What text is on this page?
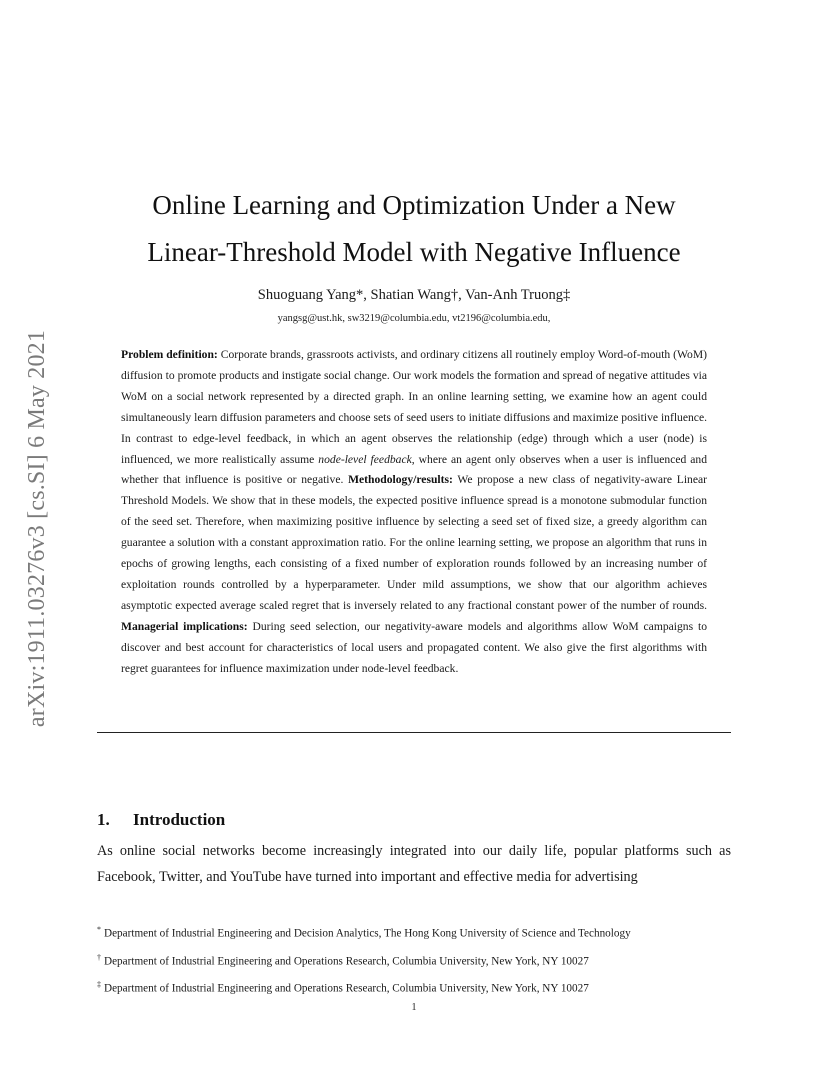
arXiv:1911.03276v3 [cs.SI] 6 May 2021
Online Learning and Optimization Under a New
Linear-Threshold Model with Negative Influence
Shuoguang Yang*, Shatian Wang†, Van-Anh Truong‡
yangsg@ust.hk, sw3219@columbia.edu, vt2196@columbia.edu,
Problem definition: Corporate brands, grassroots activists, and ordinary citizens all routinely employ Word-of-mouth (WoM) diffusion to promote products and instigate social change. Our work models the formation and spread of negative attitudes via WoM on a social network represented by a directed graph. In an online learning setting, we examine how an agent could simultaneously learn diffusion parameters and choose sets of seed users to initiate diffusions and maximize positive influence. In contrast to edge-level feedback, in which an agent observes the relationship (edge) through which a user (node) is influenced, we more realistically assume node-level feedback, where an agent only observes when a user is influenced and whether that influence is positive or negative. Methodology/results: We propose a new class of negativity-aware Linear Threshold Models. We show that in these models, the expected positive influence spread is a monotone submodular function of the seed set. Therefore, when maximizing positive influence by selecting a seed set of fixed size, a greedy algorithm can guarantee a solution with a constant approximation ratio. For the online learning setting, we propose an algorithm that runs in epochs of growing lengths, each consisting of a fixed number of exploration rounds followed by an increasing number of exploitation rounds controlled by a hyperparameter. Under mild assumptions, we show that our algorithm achieves asymptotic expected average scaled regret that is inversely related to any fractional constant power of the number of rounds. Managerial implications: During seed selection, our negativity-aware models and algorithms allow WoM campaigns to discover and best account for characteristics of local users and propagated content. We also give the first algorithms with regret guarantees for influence maximization under node-level feedback.
1. Introduction
As online social networks become increasingly integrated into our daily life, popular platforms such as Facebook, Twitter, and YouTube have turned into important and effective media for advertising
* Department of Industrial Engineering and Decision Analytics, The Hong Kong University of Science and Technology
† Department of Industrial Engineering and Operations Research, Columbia University, New York, NY 10027
‡ Department of Industrial Engineering and Operations Research, Columbia University, New York, NY 10027
1
